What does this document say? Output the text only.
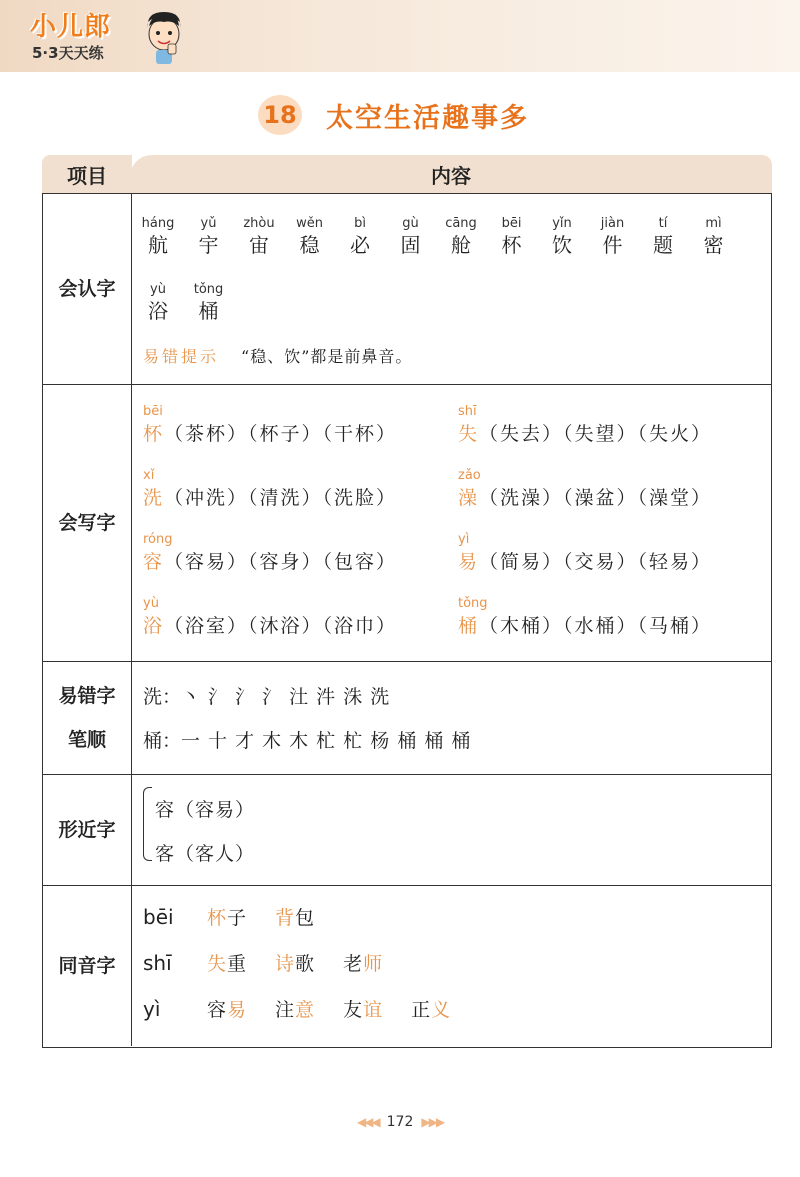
小儿郎
5·3天天练
18 太空生活趣事多
内容
项目
会认字
易错提示 “稳、饮”都是前鼻音。
háng
航
yǔ
宇
zhòu
宙
wěn
稳
bì
必
gù
固
cāng
舱
bēi
杯
yǐn
饮
jiàn
件
tí
题
mì
密
yù
浴
tǒng
桶
会写字
bēi
杯（茶杯）（杯子）（干杯）
shī
失（失去）（失望）（失火）
xǐ
洗（冲洗）（清洗）（洗脸）
zǎo
澡（洗澡）（澡盆）（澡堂）
róng
容（容易）（容身）（包容）
yì
易（简易）（交易）（轻易）
yù
浴（浴室）（沐浴）（浴巾）
tǒng
桶（木桶）（水桶）（马桶）
易错字
笔顺
洗：丶 氵 氵 氵 汢 汼 洙 洗
桶：一 十 才 木 木 杧 杧 杨 桶 桶 桶
形近字
容（容易）
客（客人）
同音字
bēi 杯子 背包
shī 失重 诗歌 老师
yì 容易 注意 友谊 正义
◀◀◀ 172 ▶▶▶
